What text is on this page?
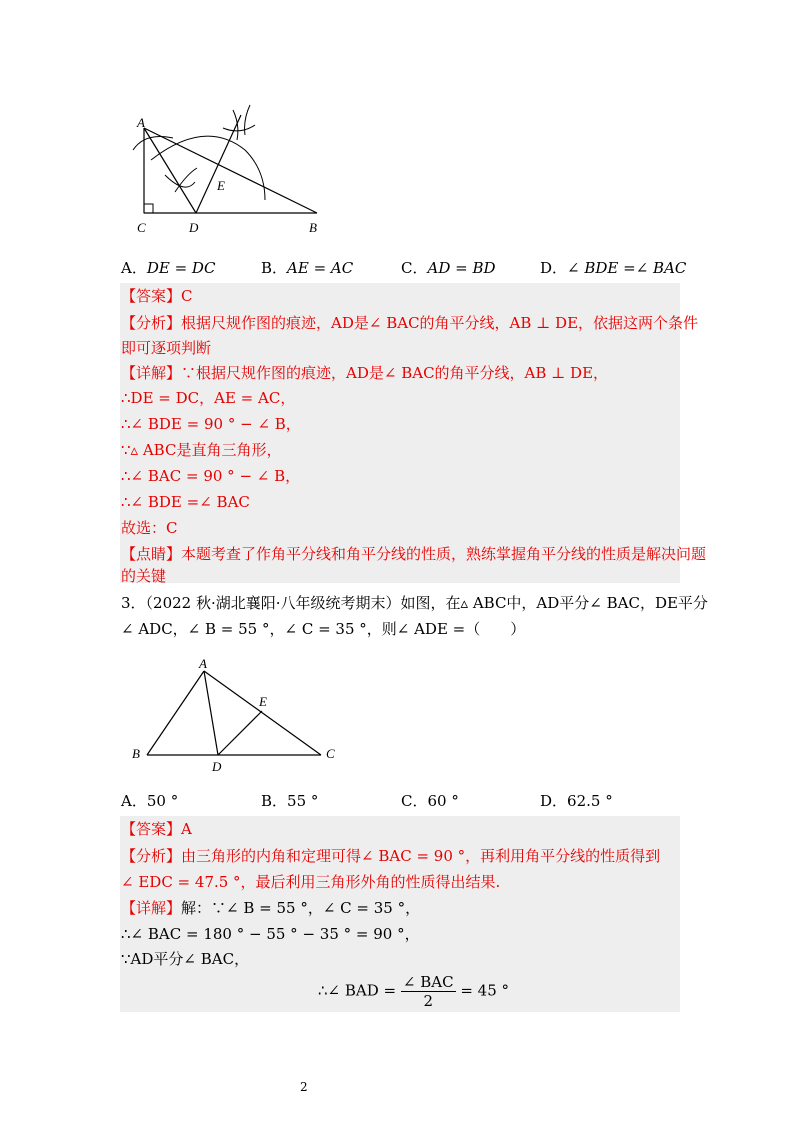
A
C	D
E
B
A．DE = DC	B．AE = AC	C．AD = BD	D．∠ BDE =∠ BAC
【答案】C
【分析】根据尺规作图的痕迹，AD是∠ BAC的角平分线，AB ⊥ DE，依据这两个条件
即可逐项判断
【详解】∵根据尺规作图的痕迹，AD是∠ BAC的角平分线，AB ⊥ DE，
∴DE = DC，AE = AC，
∴∠ BDE = 90 ° − ∠ B，
∵▵ ABC是直角三角形，
∴∠ BAC = 90 ° − ∠ B，
∴∠ BDE =∠ BAC
故选：C
【点睛】本题考查了作角平分线和角平分线的性质，熟练掌握角平分线的性质是解决问题
的关键
3．（2022 秋·湖北襄阳·八年级统考期末）如图，在▵ ABC中，AD平分∠ BAC，DE平分
∠ ADC，∠ B = 55 °，∠ C = 35 °，则∠ ADE =（　　）
A
B	C
D
E
A．50 °	B．55 °	C．60 °	D．62.5 °
【答案】A
【分析】由三角形的内角和定理可得∠ BAC = 90 °，再利用角平分线的性质得到
∠ EDC = 47.5 °，最后利用三角形外角的性质得出结果.
【详解】解：∵∠ B = 55 °，∠ C = 35 °，
∴∠ BAC = 180 ° − 55 ° − 35 ° = 90 °，
∵AD平分∠ BAC，
∴∠ BAD = $\frac{\text{∠ BAC}}{2} = 45$ °
2
